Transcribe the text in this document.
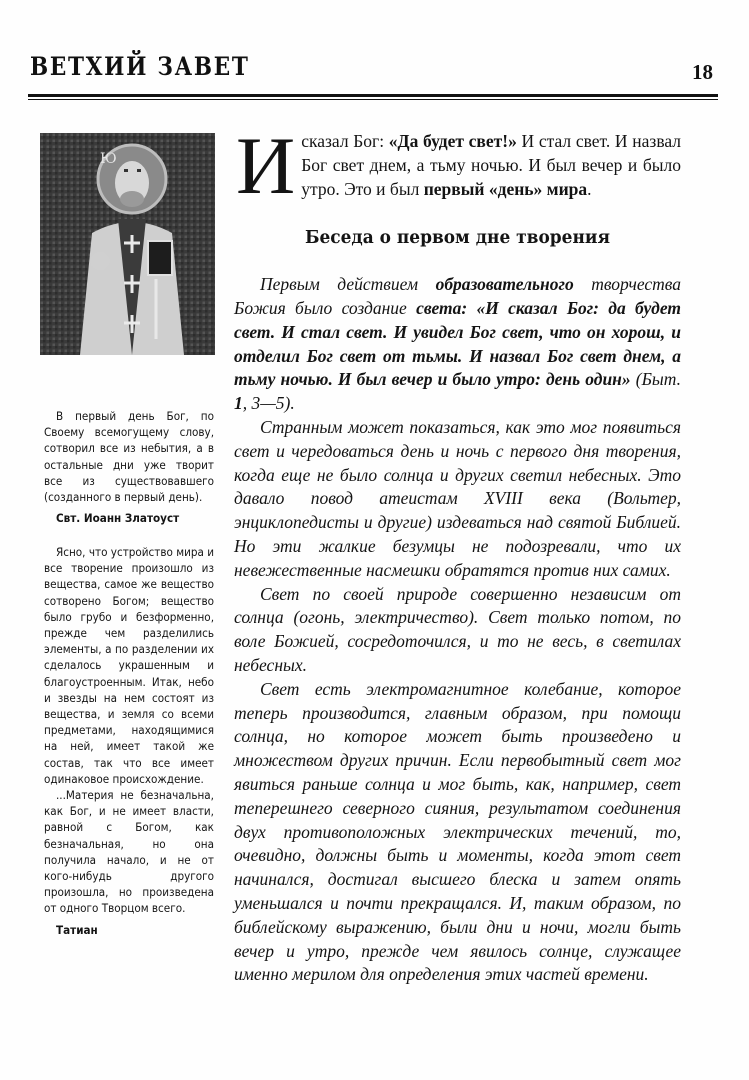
ВЕТХИЙ ЗАВЕТ	18
Ю

В первый день Бог, по Своему всемогущему слову, сотворил все из небытия, а в остальные дни уже творит все из существовавшего (созданного в первый день).

Свт. Иоанн Златоуст

Ясно, что устройство мира и все творение произошло из вещества, самое же вещество сотворено Богом; вещество было грубо и безформенно, прежде чем разделились элементы, а по разделении их сделалось украшенным и благоустроенным. Итак, небо и звезды на нем состоят из вещества, и земля со всеми предметами, находящимися на ней, имеет такой же состав, так что все имеет одинаковое происхождение.

...Материя не безначальна, как Бог, и не имеет власти, равной с Богом, как безначальная, но она получила начало, и не от кого-нибудь другого произошла, но произведена от одного Творцом всего.

Татиан

И сказал Бог: «Да будет свет!» И стал свет. И назвал Бог свет днем, а тьму ночью. И был вечер и было утро. Это и был первый «день» мира.

Беседа о первом дне творения

Первым действием образовательного творчества Божия было создание света: «И сказал Бог: да будет свет. И стал свет. И увидел Бог свет, что он хорош, и отделил Бог свет от тьмы. И назвал Бог свет днем, а тьму ночью. И был вечер и было утро: день один» (Быт. 1, 3—5).

Странным может показаться, как это мог появиться свет и чередоваться день и ночь с первого дня творения, когда еще не было солнца и других светил небесных. Это давало повод атеистам XVIII века (Вольтер, энциклопедисты и другие) издеваться над святой Библией. Но эти жалкие безумцы не подозревали, что их невежественные насмешки обратятся против них самих.

Свет по своей природе совершенно независим от солнца (огонь, электричество). Свет только потом, по воле Божией, сосредоточился, и то не весь, в светилах небесных.

Свет есть электромагнитное колебание, которое теперь производится, главным образом, при помощи солнца, но которое может быть произведено и множеством других причин. Если первобытный свет мог явиться раньше солнца и мог быть, как, например, свет теперешнего северного сияния, результатом соединения двух противоположных электрических течений, то, очевидно, должны быть и моменты, когда этот свет начинался, достигал высшего блеска и затем опять уменьшался и почти прекращался. И, таким образом, по библейскому выражению, были дни и ночи, могли быть вечер и утро, прежде чем явилось солнце, служащее именно мерилом для определения этих частей времени.
